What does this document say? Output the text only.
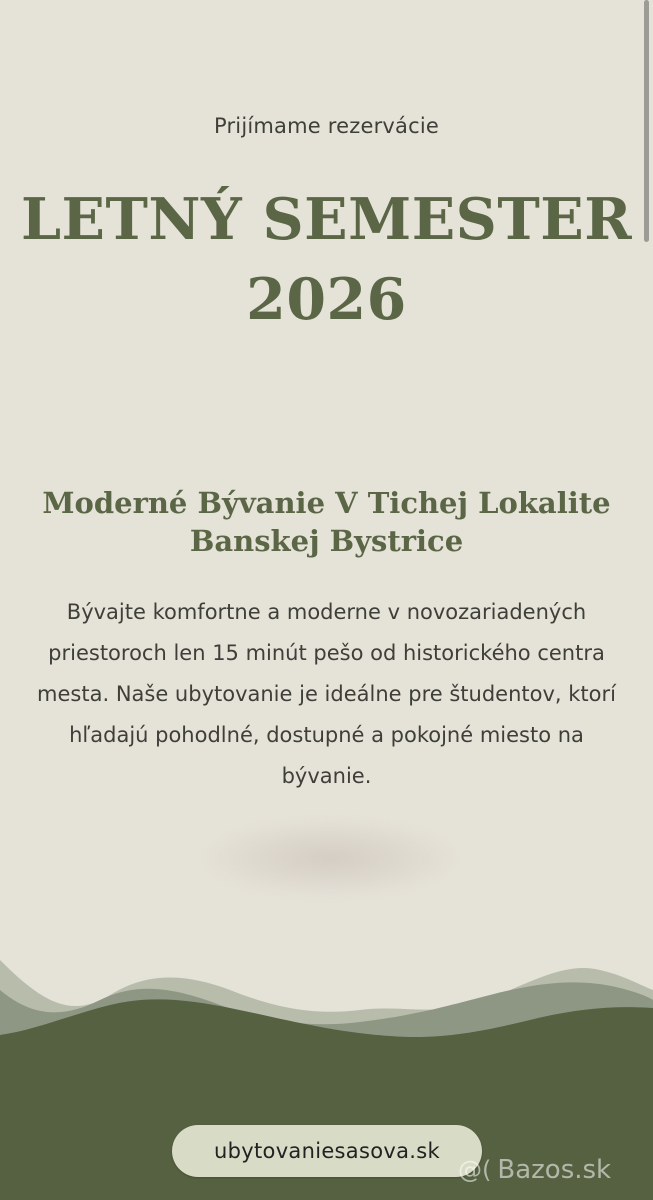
Prijímame rezervácie
LETNÝ SEMESTER
2026
Moderné Bývanie V Tichej Lokalite Banskej Bystrice
Bývajte komfortne a moderne v novozariadených priestoroch len 15 minút pešo od historického centra mesta. Naše ubytovanie je ideálne pre študentov, ktorí hľadajú pohodlné, dostupné a pokojné miesto na bývanie.
ubytovaniesasova.sk
@( Bazos.sk
